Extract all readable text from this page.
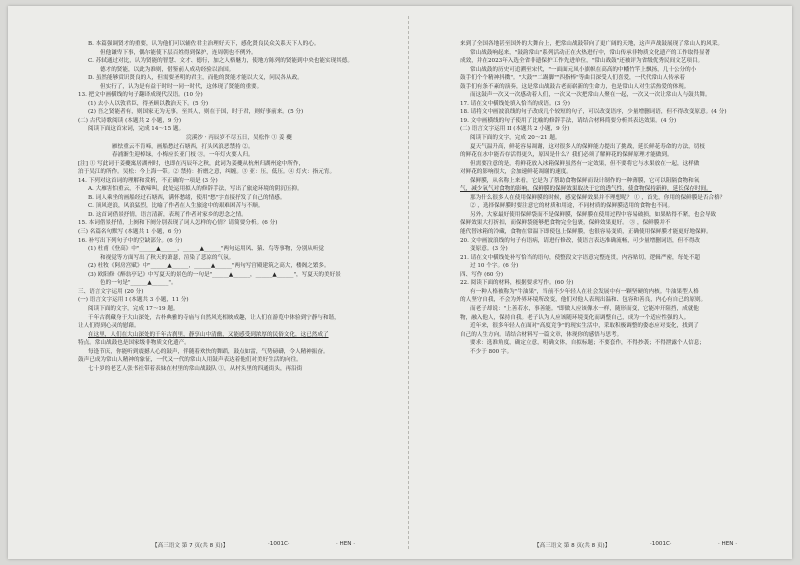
B. 本篇强调贤才的重要，认为他们可以辅佐君主治理好天下，感化贤良民众关系天下人的心。

但他谦卑下事，偶尔能使下层百姓得到保护，连周朝也不例外。

C. 苏轼通过对比，认为贤能的智慧、文才、德行，加之人格魅力，使地方陈列的贤能到中央也能实现其德。

德才的贤能，以此为准则，借鉴前人成功经验以治国。

D. 虽然能够赏识贤良的人，但需要圣明的君主，而他的贤能才能以大义，问民各从政。

但实行了，认为是有益于时时一同一时代，这体现了贤能的重要。

13. 把文中画横线的句子翻译成现代汉语。(10 分)

(1) 去小人以敦君臣，得圣顾以教治天下。(5 分)

(2) 吾之贤能者有，则国家无为无事，至其人，则在于国，时于君，则好事前来。(5 分)

(二) 古代诗歌阅读 (本题共 2 小题，9 分)

阅读下面这首宋词，完成 14～15 题。

浣溪沙 · 丙辰岁不尽五日，吴松作 ① 姜 夔

雁怯重云不肯啼，画船愁过石塘西，打头风浪恶禁持 ②。

春浦渐生迎棹绿，小梅应长亚门枝 ③。一年灯火要人归。

[注] ① 写此词于姜夔寓居湖州时，也即在丙辰年之秋，此词为姜夔从杭州归湖州途中所作，

泊于吴江的所作。吴松：今上海一带。② 禁持：折磨之意，纠缠。③ 亚：压，低压。④ 灯火：指元宵。

14. 下列对这首词的理解和赏析，不正确的一项是 (3 分)

A. 大雁害怕重云，不敢啼叫，此处运用拟人的修辞手法，写出了旅途环境的阴沉压抑。

B. 词人乘坐的画船经过石塘西，满怀愁绪，使用"愁"字直接抒发了自己的情感。

C. 顶风逆浪，风浪猛烈，比喻了作者在人生旅途中的艰难困苦与不顺。

D. 这首词借景抒情，语言清新，表现了作者对家乡的思念之情。

15. 本词借景抒情，上阕和下阕分别表现了词人怎样的心情？请简要分析。(6 分)

(三) 名篇名句默写 (本题共 1 小题，6 分)

16. 补写出下列句子中的空缺部分。(6 分)

(1) 杜甫《登高》中"______▲______，______▲______"两句运用风、猿、鸟等事物，分别从听觉

和视觉等方面写出了秋天的萧瑟，渲染了悲凉的气氛。

(2) 杜牧《阿房宫赋》中"______▲______，______▲______"两句写宫殿建筑之高大，楼阁之繁多。

(3) 欧阳修《醉翁亭记》中写夏天的景色的一句是"______▲______，______▲______"，写夏天的美好景

色的一句是"______▲______"。

三、语言文字运用 (20 分)

(一) 语言文字运用 I (本题共 3 小题，11 分)

阅读下面的文字，完成 17～19 题。

千年古刹藏身于大山深处，古朴典雅的寺庙与自然风光相映成趣，让人们在游览中体验到宁静与和谐，

让人们得到心灵的慰藉。

在这里，人们在大山深处的千年古刹里，静享山中清幽，又能感受到浓厚的民俗文化，这已然成了

特点。常山战鼓也是国家级非物质文化遗产。

每逢节庆，你能听到震撼人心的鼓声，伴随着欢快的舞蹈，鼓点如雷，气势磅礴，令人精神振奋。

鼓声已成为常山人精神的象征，一代又一代的常山人用鼓声表达着他们对美好生活的向往。

七十岁的老艺人张书社带着表妹在村里的常山战鼓队 ①，从村头里的四通街头，再沿街

来到了全国各地甚至国外的大舞台上，把常山战鼓带向了更广阔的天地，这声声战鼓展现了常山人的风采。

常山战鼓响起来，"鼓韵常山"系列活动正在火热进行中，常山传承非物质文化遗产的工作取得显著

成效，并在2023年入选全省非遗保护工作先进单位，"常山战鼓"还被评为省级优秀民间文艺项目。

常山战鼓的历史可追溯至宋代，"一面面元凤小旗帜在高高的中幡竹竿上飘扬，几十公分的小

鼓手们个个精神抖擞"。"大鼓""二踢脚""四指棒"等曲目深受人们喜爱，一代代常山人传承着

鼓手们有条不紊的演奏，这是常山战鼓古老而崭新的生命力，也是常山人对生活热爱的体现。

而这鼓声一次又一次感动着人们，一次又一次把常山人聚在一起，一次又一次让常山人与鼓共舞。

17. 请在文中横线处填入恰当的成语。(3 分)

18. 请将文中画波浪线的句子改成几个较短的句子，可以改变语序，少量增删词语，但不得改变原意。(4 分)

19. 文中画横线的句子使用了比喻的修辞手法，请结合材料简要分析其表达效果。(4 分)

(二) 语言文字运用 II (本题共 2 小题，9 分)

阅读下面的文字，完成 20～21 题。

夏天气温升高，鲜花容易凋谢，这对很多人的保鲜能力提出了挑战，延长鲜花寿命的方法，切枝

的鲜花在水中能否存活得更久，原因是什么？我们必须了解鲜花的保鲜原理才能做到。

但需要注意的是，将鲜花放入冰箱保鲜虽然有一定效果，但不要将它与水果放在一起，这样做

对鲜花的影响很大，会加速鲜花凋谢的速度。

保鲜膜，从名称上来看，它是为了帮助食物保鲜而设计制作的一种薄膜，它可以阻隔食物和氧

气，减少氧气对食物的影响，保鲜膜的保鲜效果取决于它的透气性，使食物保持新鲜，延长保存时间。

那为什么很多人在使用保鲜膜的时候，感觉保鲜效果并不理想呢？ ① ，首先，你用的保鲜膜是否合格？

② ，选择保鲜膜时要注意它的材质和用途，不同材质的保鲜膜适用的食物也不同。

另外，大家最好使用保鲜袋而不是保鲜膜，保鲜膜在使用过程中容易破损，如果贴得不紧，也会导致

保鲜效果大打折扣，而保鲜袋能够把食物完全包裹，保鲜效果更好。 ③ ，保鲜膜并不

能代替冰箱的冷藏，食物在常温下即使包上保鲜膜，也很容易变质，正确使用保鲜膜才能更好地保鲜。

20. 文中画波浪线的句子有语病，请进行修改，使语言表达准确流畅，可少量增删词语，但不得改

变原意。(3 分)

21. 请在文中横线处补写恰当的语句，使整段文字语意完整连贯，内容贴切，逻辑严密，每处不超

过 10 个字。(6 分)

四、写作 (60 分)

22. 阅读下面的材料，根据要求写作。(60 分)

有一种人格被称为"牛油果"，当前不少年轻人在社会发展中有一颗坚硬的内核。牛油果型人格

的人坚守自我，不会为外界环境所改变，他们对他人表现出温和、包容和善良，内心有自己的原则。

而老子却说："上善若水，事善能。"即做人应该像水一样，随形而变，它能冲开阻挡，成就他

物，融入他人，保持自我。老子认为人应该随环境变化而调整自己，成为一个适应性强的人。

近年来，很多年轻人在面对"高度竞争"的现实生活中，采取积极调整的姿态应对变化，找到了

自己的人生方向。请结合材料写一篇文章，体现你的感悟与思考。

要求：选准角度，确定立意，明确文体，自拟标题；不要套作，不得抄袭；不得泄露个人信息；

不少于 800 字。

【高三语文 第 7 页(共 8 页)】	·1001C·	· HEN ·	【高三语文 第 8 页(共 8 页)】	·1001C·	· HEN ·
